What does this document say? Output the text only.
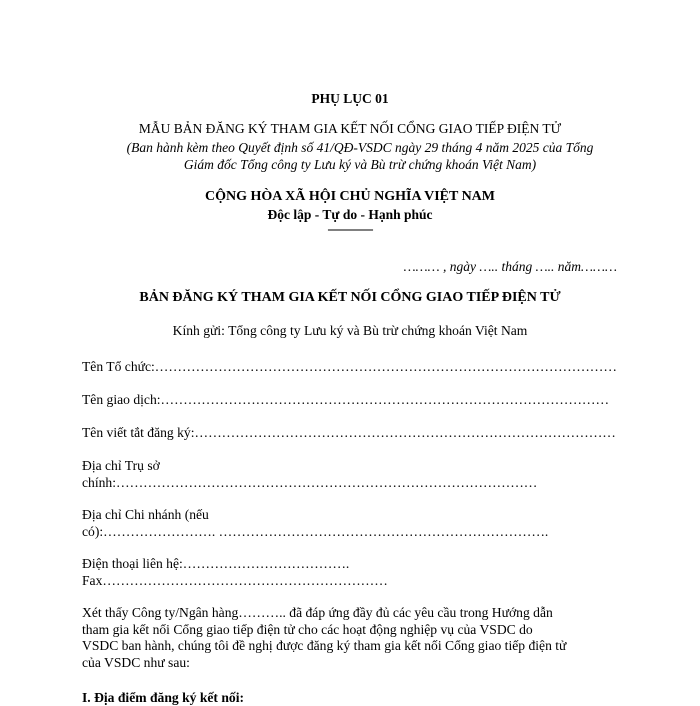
PHỤ LỤC 01
MẪU BẢN ĐĂNG KÝ THAM GIA KẾT NỐI CỔNG GIAO TIẾP ĐIỆN TỬ
(Ban hành kèm theo Quyết định số 41/QĐ-VSDC ngày 29 tháng 4 năm 2025 của Tổng
Giám đốc Tổng công ty Lưu ký và Bù trừ chứng khoán Việt Nam)
CỘNG HÒA XÃ HỘI CHỦ NGHĨA VIỆT NAM
Độc lập - Tự do - Hạnh phúc
---------------
……… , ngày ….. tháng ….. năm………
BẢN ĐĂNG KÝ THAM GIA KẾT NỐI CỔNG GIAO TIẾP ĐIỆN TỬ
Kính gửi: Tổng công ty Lưu ký và Bù trừ chứng khoán Việt Nam
Tên Tổ chức:…………………………………………………………………………………………
Tên giao dịch:………………………………………………………………………………………
Tên viết tắt đăng ký:…………………………………………………………………………………
Địa chỉ Trụ sở
chính:…………………………………………………………………………………
Địa chỉ Chi nhánh (nếu
có):……………………. ……………………………………………………………….
Điện thoại liên hệ:……………………………….
Fax………………………………………………………
Xét thấy Công ty/Ngân hàng……….. đã đáp ứng đầy đủ các yêu cầu trong Hướng dẫn
tham gia kết nối Cổng giao tiếp điện tử cho các hoạt động nghiệp vụ của VSDC do
VSDC ban hành, chúng tôi đề nghị được đăng ký tham gia kết nối Cổng giao tiếp điện tử
của VSDC như sau:
I. Địa điểm đăng ký kết nối:
